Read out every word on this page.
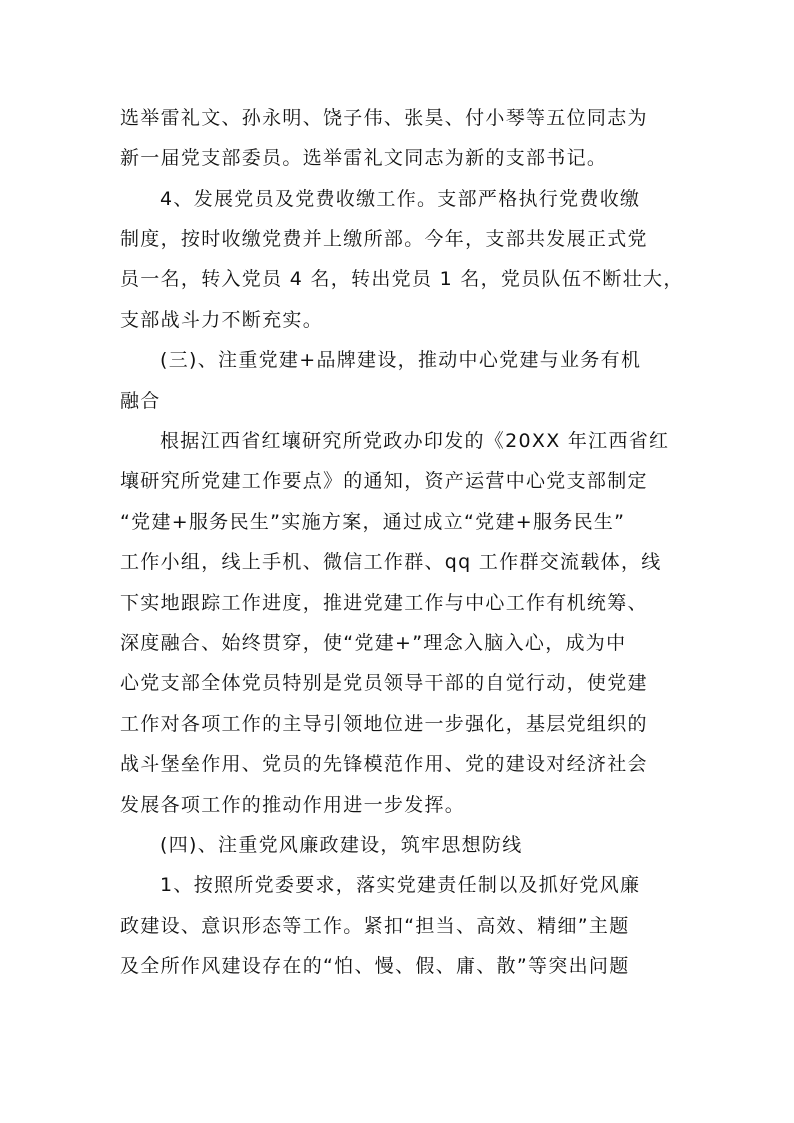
选举雷礼文、孙永明、饶子伟、张昊、付小琴等五位同志为
新一届党支部委员。选举雷礼文同志为新的支部书记。
4、发展党员及党费收缴工作。支部严格执行党费收缴
制度，按时收缴党费并上缴所部。今年，支部共发展正式党
员一名，转入党员 4 名，转出党员 1 名，党员队伍不断壮大，
支部战斗力不断充实。
(三)、注重党建+品牌建设，推动中心党建与业务有机
融合
根据江西省红壤研究所党政办印发的《20XX 年江西省红
壤研究所党建工作要点》的通知，资产运营中心党支部制定
“党建+服务民生”实施方案，通过成立“党建+服务民生”
工作小组，线上手机、微信工作群、qq 工作群交流载体，线
下实地跟踪工作进度，推进党建工作与中心工作有机统筹、
深度融合、始终贯穿，使“党建+”理念入脑入心，成为中
心党支部全体党员特别是党员领导干部的自觉行动，使党建
工作对各项工作的主导引领地位进一步强化，基层党组织的
战斗堡垒作用、党员的先锋模范作用、党的建设对经济社会
发展各项工作的推动作用进一步发挥。
(四)、注重党风廉政建设，筑牢思想防线
1、按照所党委要求，落实党建责任制以及抓好党风廉
政建设、意识形态等工作。紧扣“担当、高效、精细”主题
及全所作风建设存在的“怕、慢、假、庸、散”等突出问题
